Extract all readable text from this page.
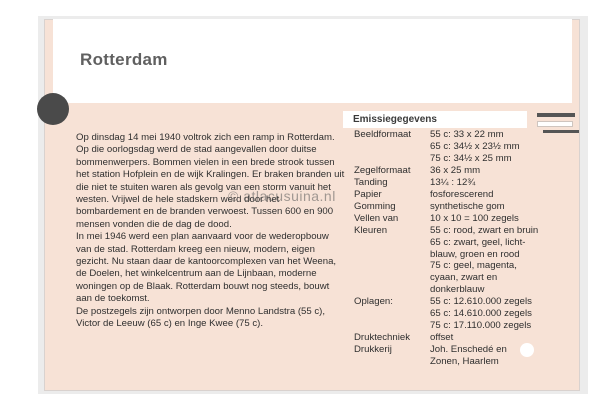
Rotterdam
Emissiegegevens

Op dinsdag 14 mei 1940 voltrok zich een ramp in Rotterdam. Op die oorlogsdag werd de stad aangevallen door duitse bommenwerpers. Bommen vielen in een brede strook tussen het station Hofplein en de wijk Kralingen. Er braken branden uit die niet te stuiten waren als gevolg van een storm vanuit het westen. Vrijwel de hele stadskern werd door het bombardement en de branden verwoest. Tussen 600 en 900 mensen vonden die de dag de dood.

In mei 1946 werd een plan aanvaard voor de wederopbouw van de stad. Rotterdam kreeg een nieuw, modern, eigen gezicht. Nu staan daar de kantoorcomplexen van het Weena, de Doelen, het winkelcentrum aan de Lijnbaan, moderne woningen op de Blaak. Rotterdam bouwt nog steeds, bouwt aan de toekomst.

De postzegels zijn ontworpen door Menno Landstra (55 c), Victor de Leeuw (65 c) en Inge Kwee (75 c).

© atlacusuina.nl
Beeldformaat 55 c: 33 x 22 mm
65 c: 34½ x 23½ mm
75 c: 34½ x 25 mm
Zegelformaat 36 x 25 mm
Tanding	13¼ : 12¾
Papier	fosforescerend
Gomming	synthetische gom
Vellen van	10 x 10 = 100 zegels
Kleuren	55 c: rood, zwart en bruin
65 c: zwart, geel, licht-
blauw, groen en rood
75 c: geel, magenta,
cyaan, zwart en
donkerblauw
Oplagen:	55 c: 12.610.000 zegels
65 c: 14.610.000 zegels
75 c: 17.110.000 zegels
Druktechniek offset
Drukkerij	Joh. Enschedé en
Zonen, Haarlem
